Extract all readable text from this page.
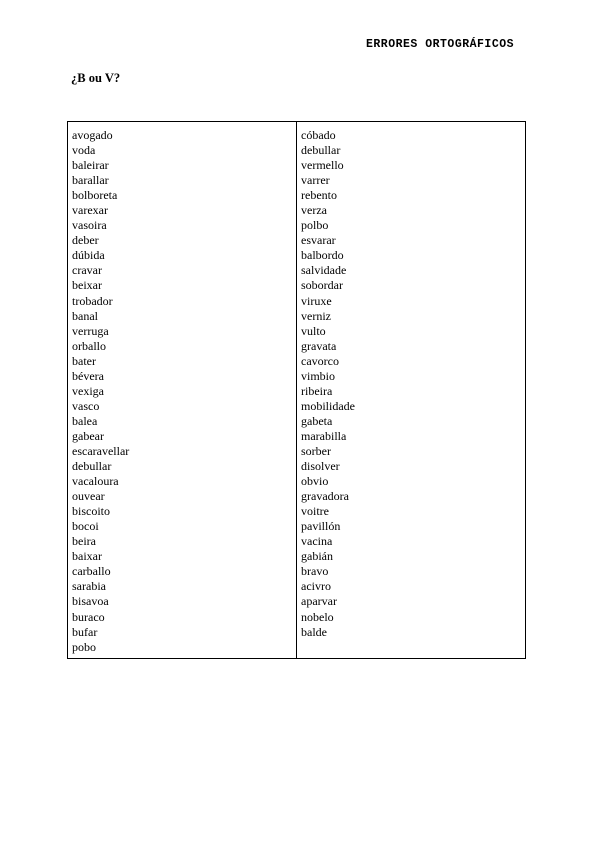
ERRORES ORTOGRÁFICOS
¿B ou V?
avogado
voda
baleirar
barallar
bolboreta
varexar
vasoira
deber
dúbida
cravar
beixar
trobador
banal
verruga
orballo
bater
bévera
vexiga
vasco
balea
gabear
escaravellar
debullar
vacaloura
ouvear
biscoito
bocoi
beira
baixar
carballo
sarabia
bisavoa
buraco
bufar
pobo
cóbado
debullar
vermello
varrer
rebento
verza
polbo
esvarar
balbordo
salvidade
sobordar
viruxe
verniz
vulto
gravata
cavorco
vimbio
ribeira
mobilidade
gabeta
marabilla
sorber
disolver
obvio
gravadora
voitre
pavillón
vacina
gabián
bravo
acivro
aparvar
nobelo
balde
